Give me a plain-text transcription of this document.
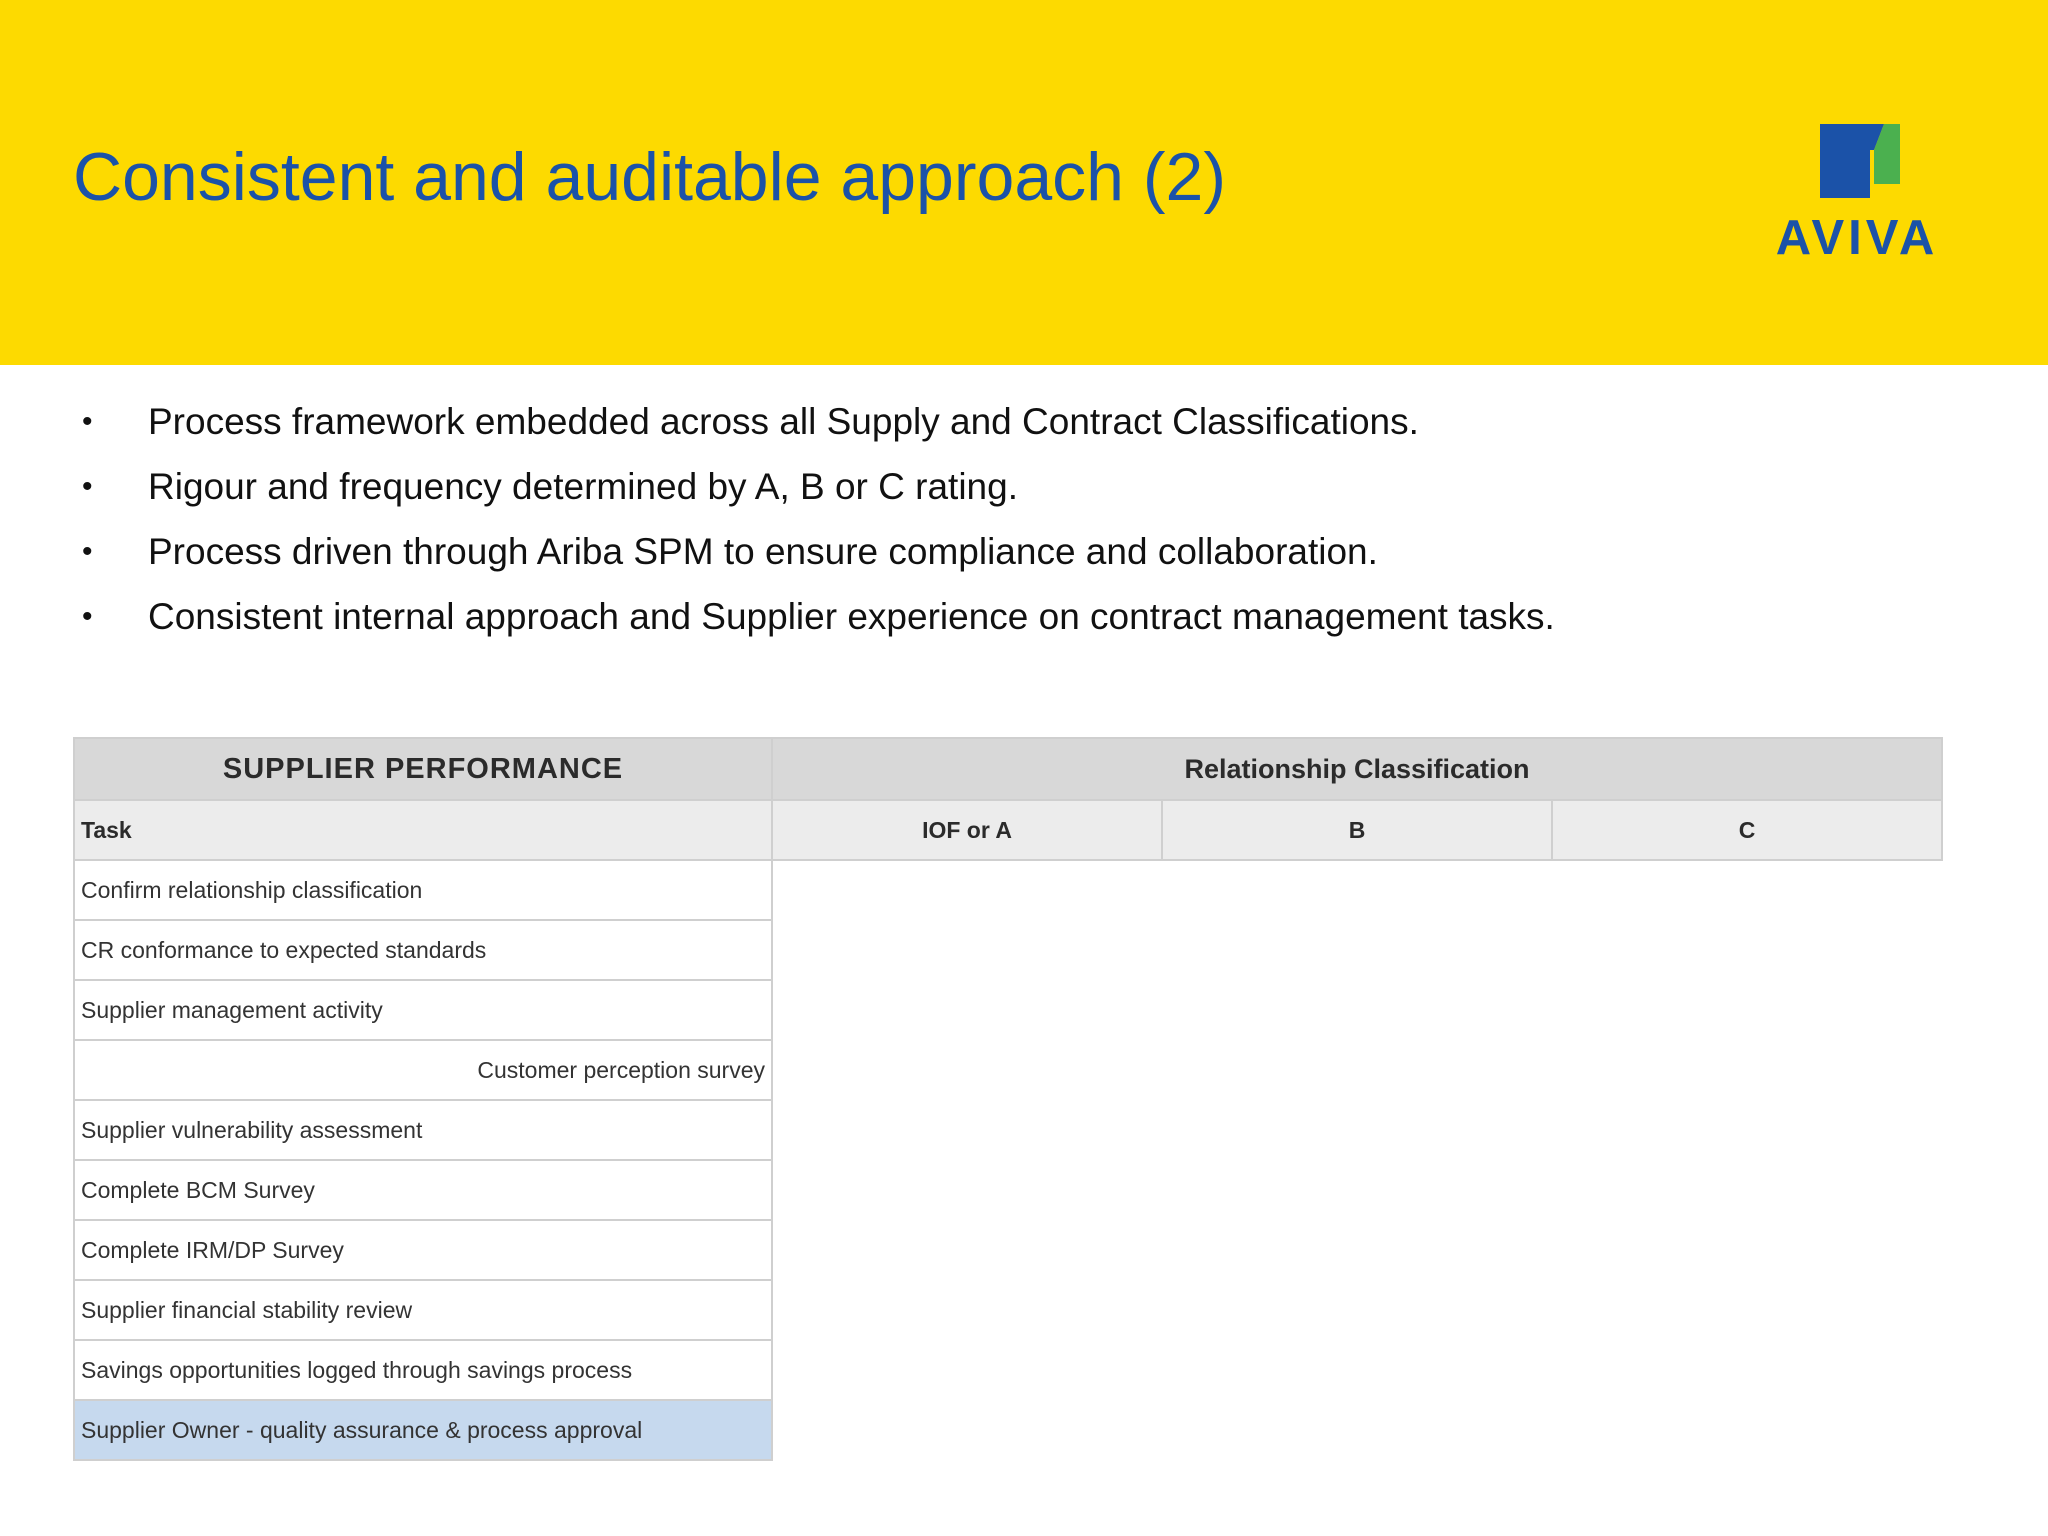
Consistent and auditable approach (2)
AVIVA
• Process framework embedded across all Supply and Contract Classifications.
• Rigour and frequency determined by A, B or C rating.
• Process driven through Ariba SPM to ensure compliance and collaboration.
• Consistent internal approach and Supplier experience on contract management tasks.
SUPPLIER PERFORMANCE	Relationship Classification		
Task	IOF or A	B	C
Confirm relationship classification			
CR conformance to expected standards			
Supplier management activity			
Customer perception survey			
Supplier vulnerability assessment			
Complete BCM Survey			
Complete IRM/DP Survey			
Supplier financial stability review			
Savings opportunities logged through savings process			
Supplier Owner - quality assurance & process approval			
